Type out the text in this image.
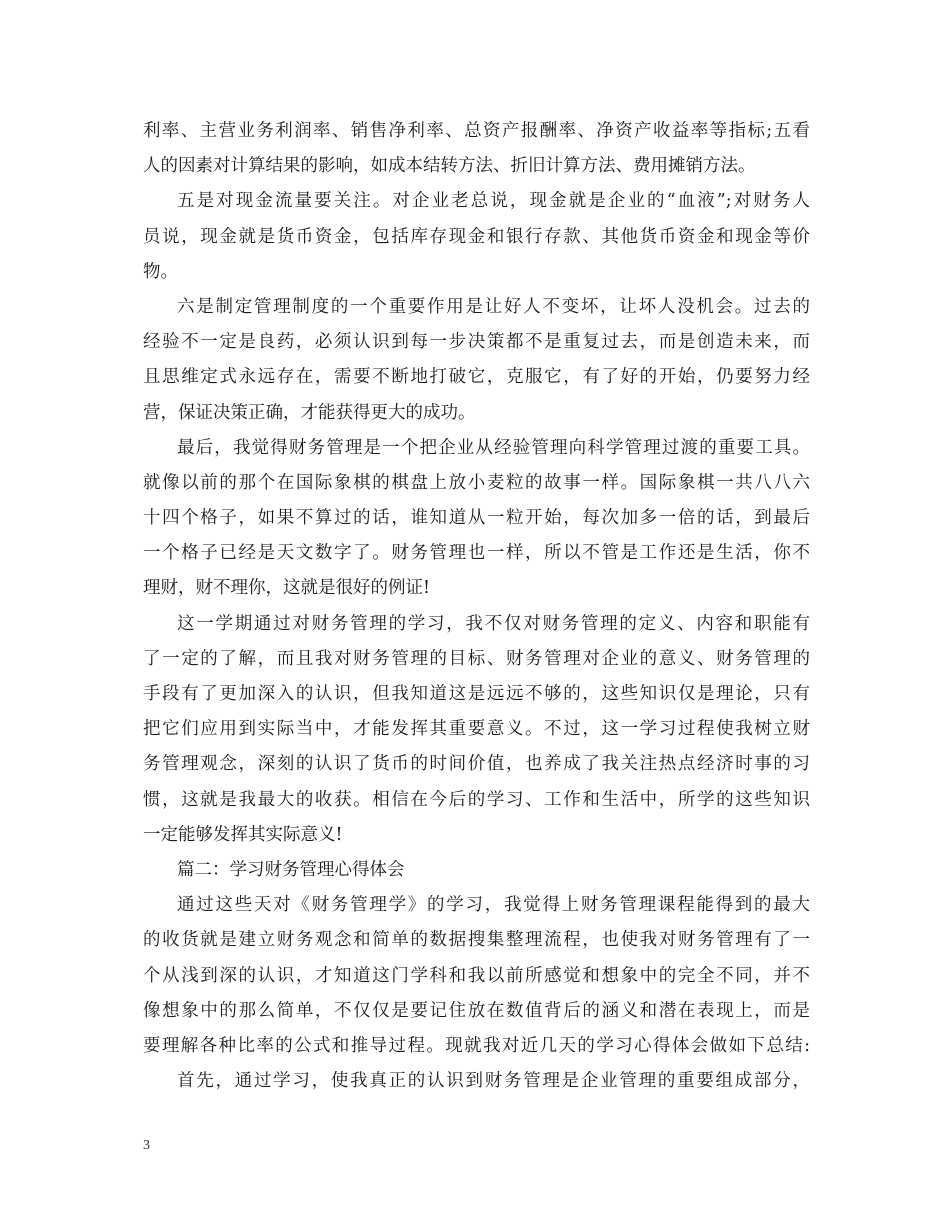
利率、主营业务利润率、销售净利率、总资产报酬率、净资产收益率等指标;五看
人的因素对计算结果的影响，如成本结转方法、折旧计算方法、费用摊销方法。
五是对现金流量要关注。对企业老总说，现金就是企业的“血液”;对财务人
员说，现金就是货币资金，包括库存现金和银行存款、其他货币资金和现金等价
物。
六是制定管理制度的一个重要作用是让好人不变坏，让坏人没机会。过去的
经验不一定是良药，必须认识到每一步决策都不是重复过去，而是创造未来，而
且思维定式永远存在，需要不断地打破它，克服它，有了好的开始，仍要努力经
营，保证决策正确，才能获得更大的成功。
最后，我觉得财务管理是一个把企业从经验管理向科学管理过渡的重要工具。
就像以前的那个在国际象棋的棋盘上放小麦粒的故事一样。国际象棋一共八八六
十四个格子，如果不算过的话，谁知道从一粒开始，每次加多一倍的话，到最后
一个格子已经是天文数字了。财务管理也一样，所以不管是工作还是生活，你不
理财，财不理你，这就是很好的例证!
这一学期通过对财务管理的学习，我不仅对财务管理的定义、内容和职能有
了一定的了解，而且我对财务管理的目标、财务管理对企业的意义、财务管理的
手段有了更加深入的认识，但我知道这是远远不够的，这些知识仅是理论，只有
把它们应用到实际当中，才能发挥其重要意义。不过，这一学习过程使我树立财
务管理观念，深刻的认识了货币的时间价值，也养成了我关注热点经济时事的习
惯，这就是我最大的收获。相信在今后的学习、工作和生活中，所学的这些知识
一定能够发挥其实际意义!
篇二：学习财务管理心得体会
通过这些天对《财务管理学》的学习，我觉得上财务管理课程能得到的最大
的收货就是建立财务观念和简单的数据搜集整理流程，也使我对财务管理有了一
个从浅到深的认识，才知道这门学科和我以前所感觉和想象中的完全不同，并不
像想象中的那么简单，不仅仅是要记住放在数值背后的涵义和潜在表现上，而是
要理解各种比率的公式和推导过程。现就我对近几天的学习心得体会做如下总结:
首先，通过学习，使我真正的认识到财务管理是企业管理的重要组成部分，
3
